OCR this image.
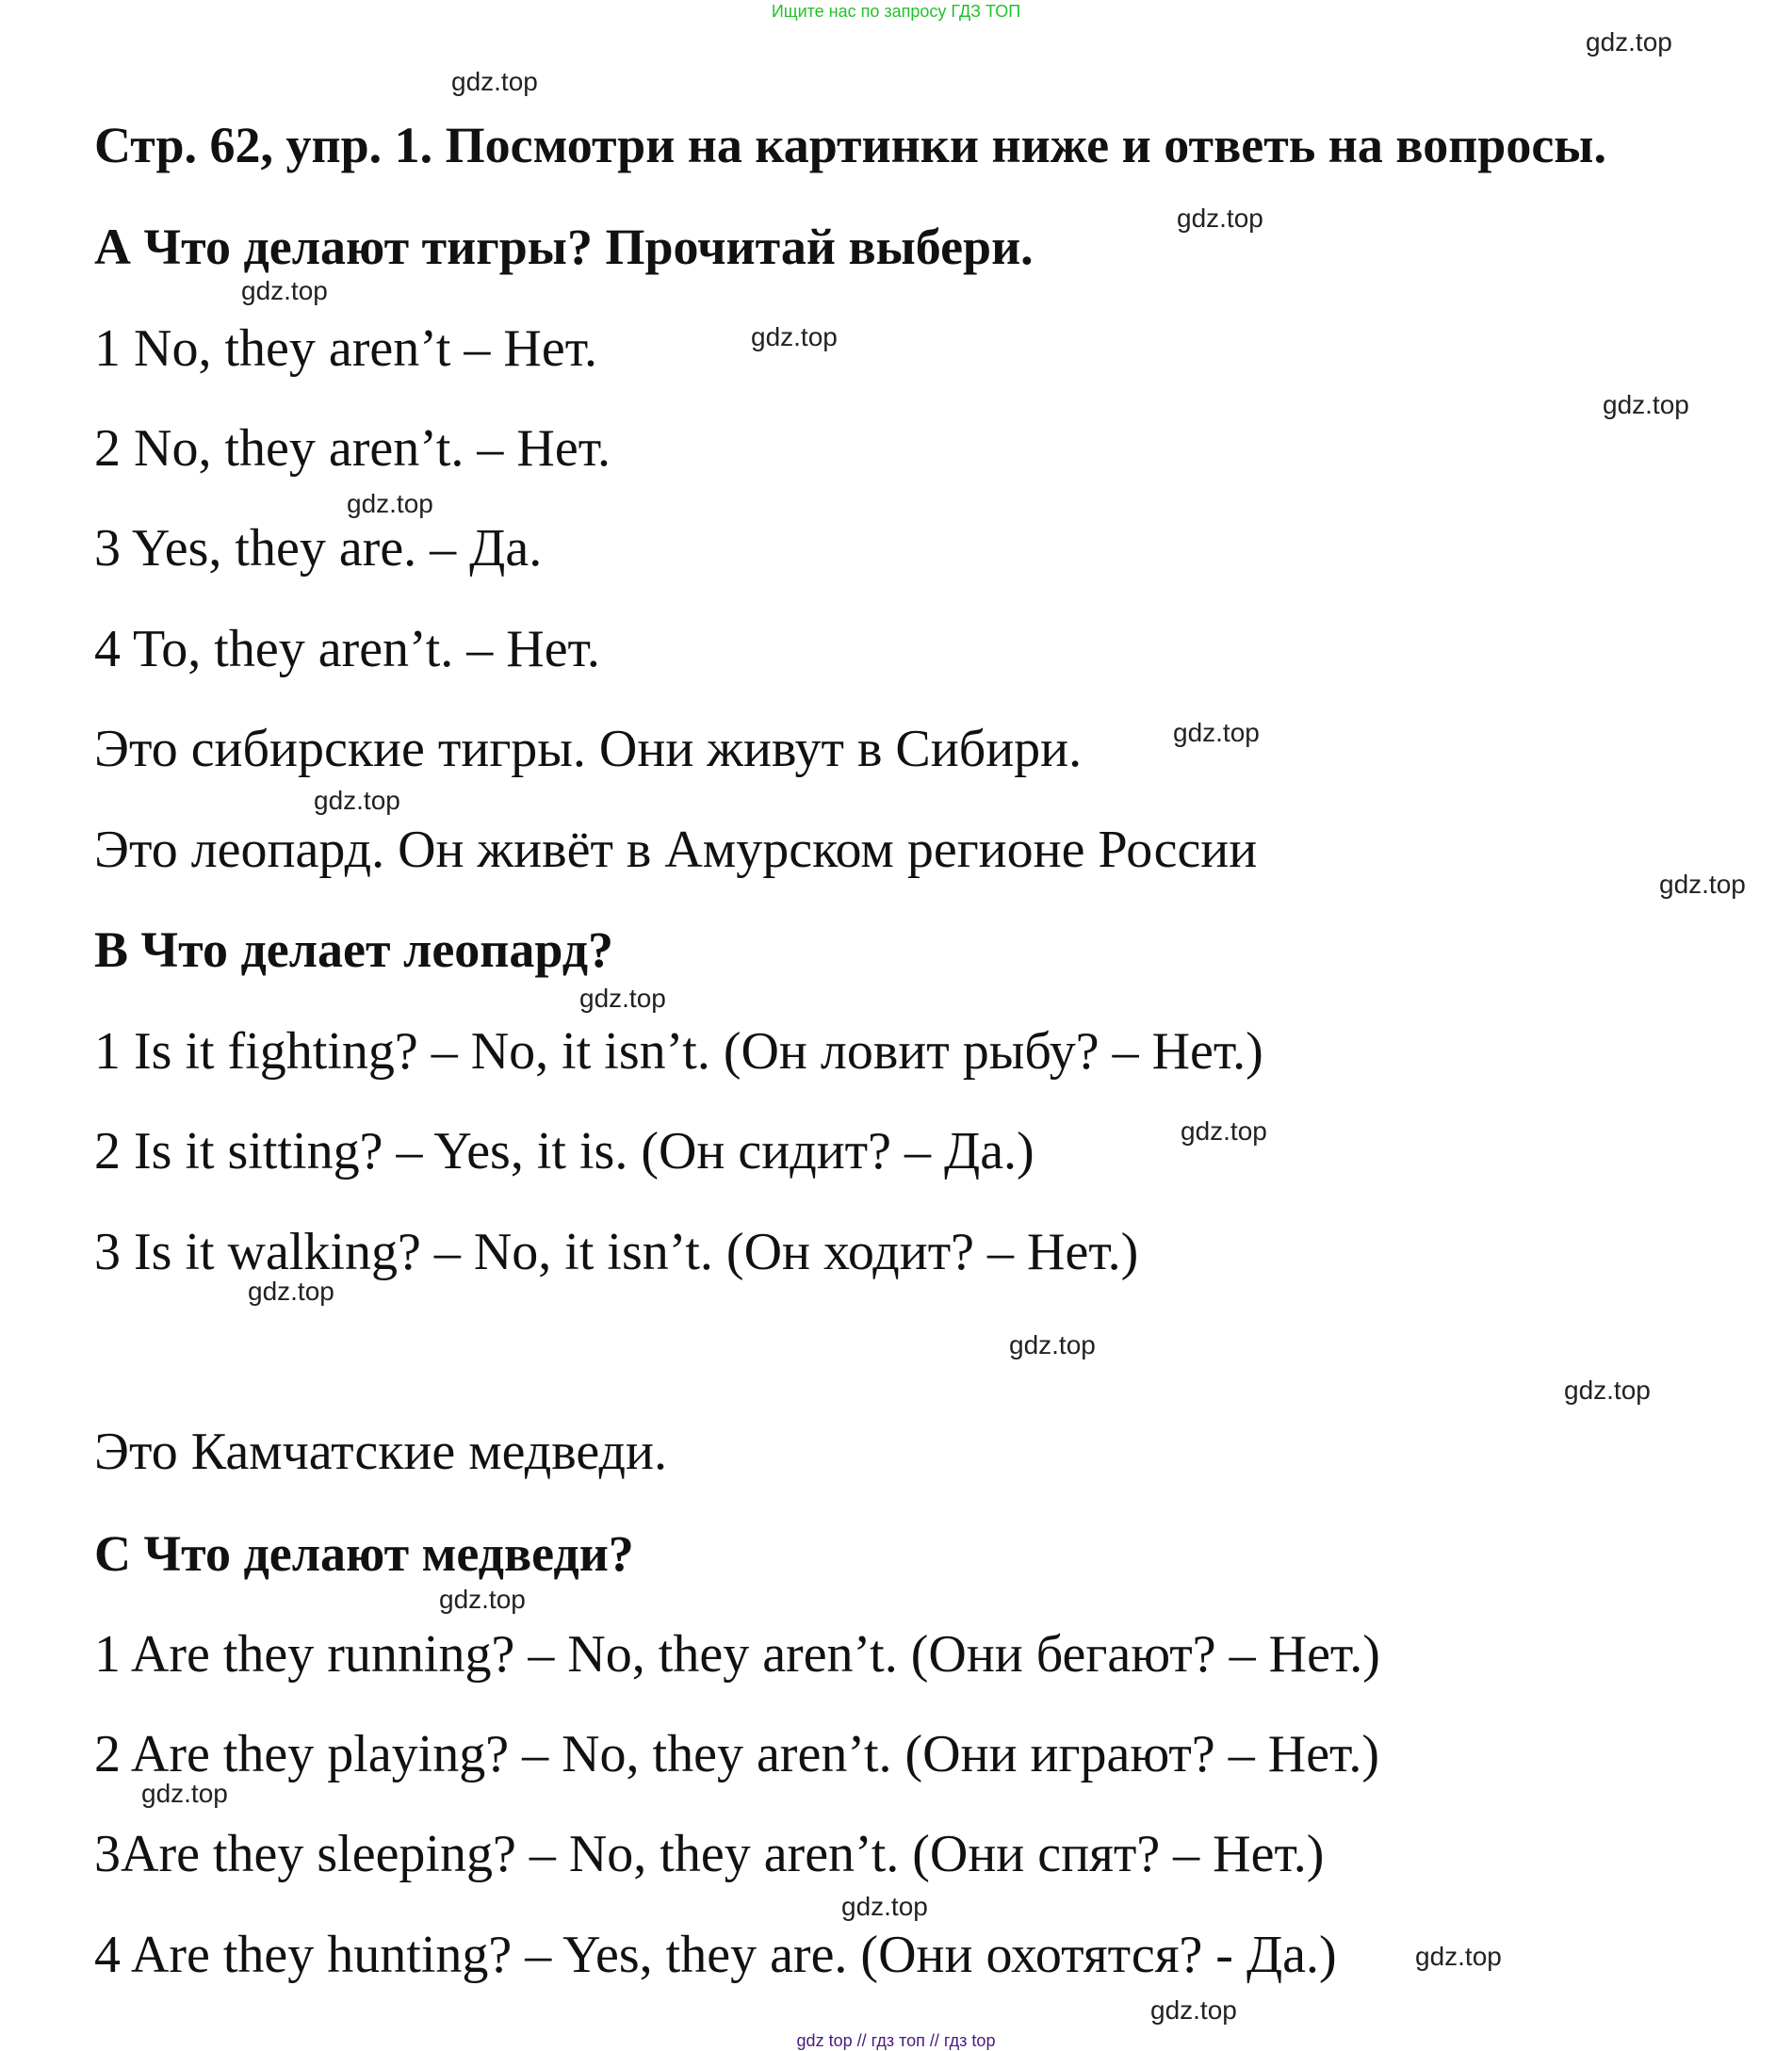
Ищите нас по запросу ГДЗ ТОП
Стр. 62, упр. 1. Посмотри на картинки ниже и ответь на вопросы.
А Что делают тигры? Прочитай выбери.
1 No, they aren’t – Нет.
2 No, they aren’t. – Нет.
3 Yes, they are. – Да.
4 To, they aren’t. – Нет.
Это сибирские тигры. Они живут в Сибири.
Это леопард. Он живёт в Амурском регионе России
В Что делает леопард?
1 Is it fighting? – No, it isn’t. (Он ловит рыбу? – Нет.)
2 Is it sitting? – Yes, it is. (Он сидит? – Да.)
3 Is it walking? – No, it isn’t. (Он ходит? – Нет.)
Это Камчатские медведи.
С Что делают медведи?
1 Are they running? – No, they aren’t. (Они бегают? – Нет.)
2 Are they playing? – No, they aren’t. (Они играют? – Нет.)
3Are they sleeping? – No, they aren’t. (Они спят? – Нет.)
4 Are they hunting? – Yes, they are. (Они охотятся? - Да.)
gdz.top
gdz.top
gdz.top
gdz.top
gdz.top
gdz.top
gdz.top
gdz.top
gdz.top
gdz.top
gdz.top
gdz.top
gdz.top
gdz.top
gdz.top
gdz.top
gdz.top
gdz.top
gdz.top
gdz.top
gdz top // гдз топ // гдз top
